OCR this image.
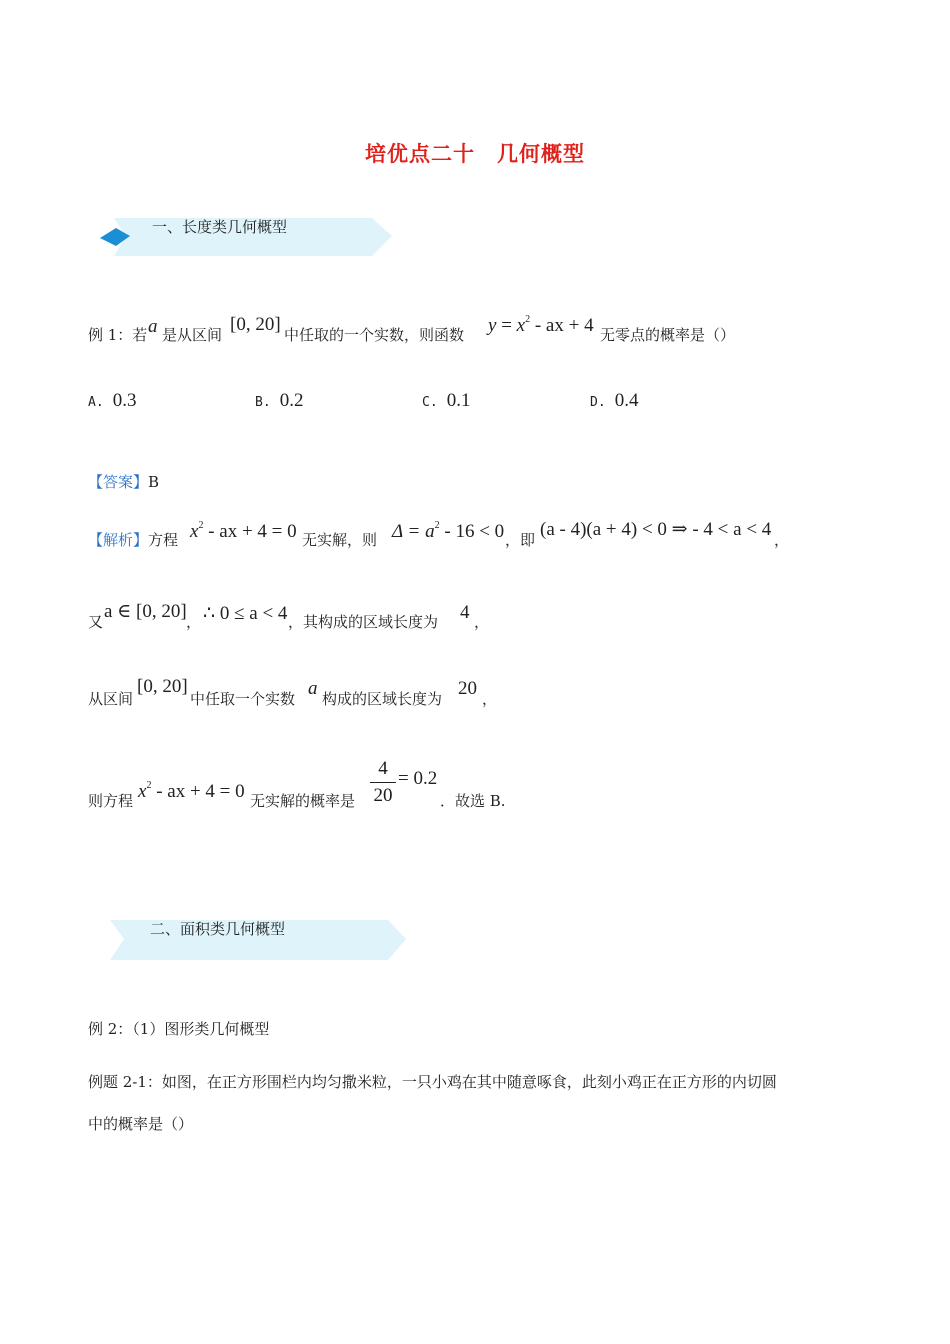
培优点二十　几何概型
一、长度类几何概型
例 1：若 a 是从区间 [0, 20] 中任取的一个实数，则函数 $y = x^2$ - ax + 4 无零点的概率是（）
A. 0.3	B. 0.2	C. 0.1	D. 0.4
【答案】B
【解析】方程 $x^2$ - ax + 4 = 0 无实解，则 $\Delta = a^2 - 16 < 0$ ，即 (a - 4)(a + 4) < 0 ⇒ - 4 < a < 4 ，
又 a ∈ [0, 20] ， ∴ 0 ≤ a < 4 ，其构成的区域长度为 4 ，
从区间
[0, 20]
中任取一个实数 a 构成的区域长度为 20 ，
则方程 $x^2$ - ax + 4 = 0 无实解的概率是
4
20
= 0.2
．故选 B.
二、面积类几何概型
例 2：（1）图形类几何概型
例题 2-1：如图，在正方形围栏内均匀撒米粒，一只小鸡在其中随意啄食，此刻小鸡正在正方形的内切圆
中的概率是（）
